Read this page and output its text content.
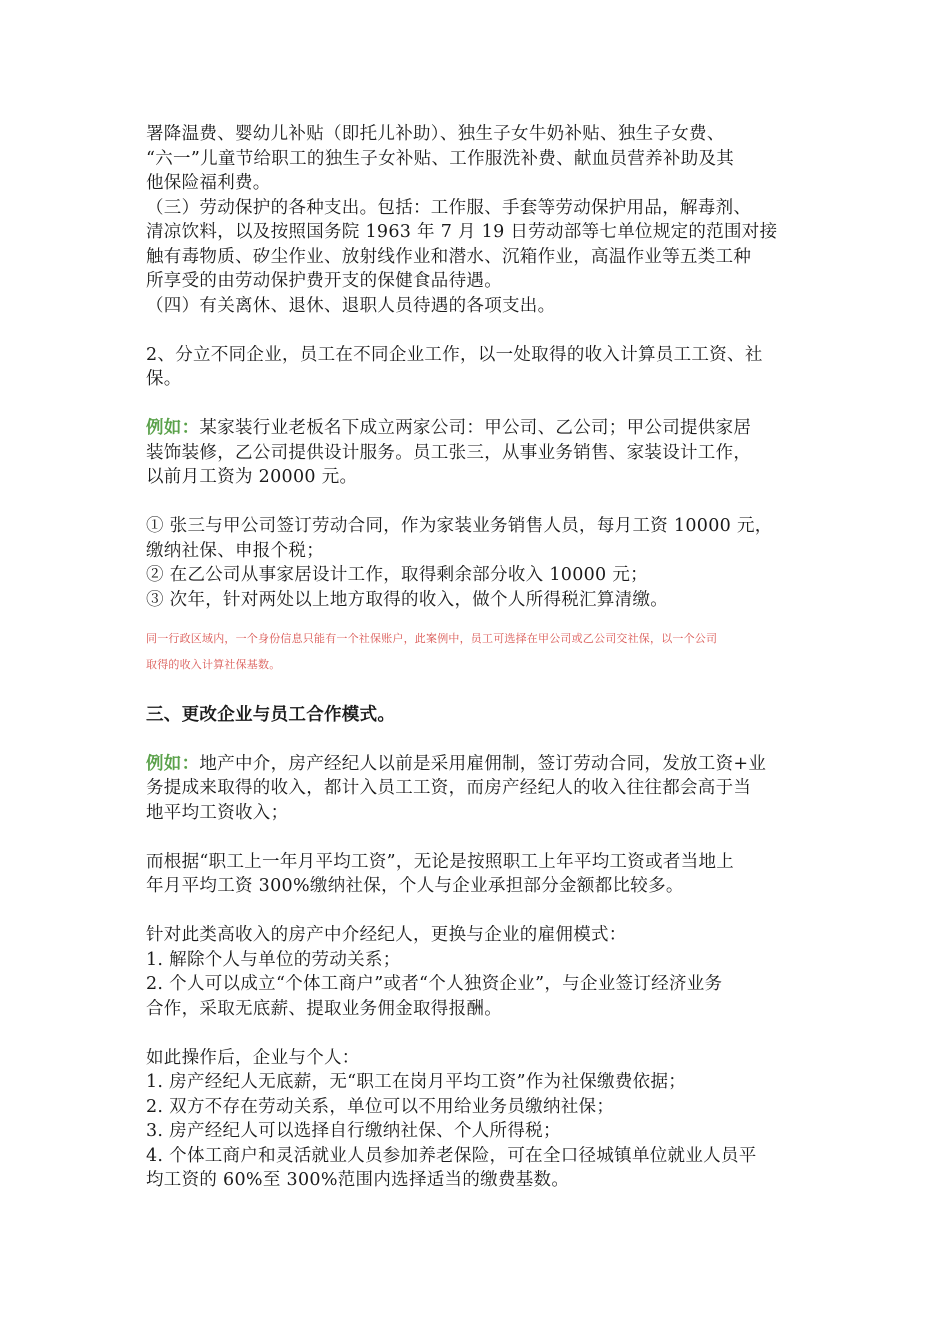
署降温费、婴幼儿补贴（即托儿补助）、独生子女牛奶补贴、独生子女费、
“六一”儿童节给职工的独生子女补贴、工作服洗补费、献血员营养补助及其
他保险福利费。
（三）劳动保护的各种支出。包括：工作服、手套等劳动保护用品，解毒剂、
清凉饮料，以及按照国务院 1963 年 7 月 19 日劳动部等七单位规定的范围对接
触有毒物质、矽尘作业、放射线作业和潜水、沉箱作业，高温作业等五类工种
所享受的由劳动保护费开支的保健食品待遇。
（四）有关离休、退休、退职人员待遇的各项支出。
2、分立不同企业，员工在不同企业工作，以一处取得的收入计算员工工资、社
保。
例如：某家装行业老板名下成立两家公司：甲公司、乙公司；甲公司提供家居
装饰装修，乙公司提供设计服务。员工张三，从事业务销售、家装设计工作，
以前月工资为 20000 元。
① 张三与甲公司签订劳动合同，作为家装业务销售人员，每月工资 10000 元，
缴纳社保、申报个税；
② 在乙公司从事家居设计工作，取得剩余部分收入 10000 元；
③ 次年，针对两处以上地方取得的收入，做个人所得税汇算清缴。
同一行政区域内，一个身份信息只能有一个社保账户，此案例中，员工可选择在甲公司或乙公司交社保，以一个公司
取得的收入计算社保基数。
三、更改企业与员工合作模式。
例如：地产中介，房产经纪人以前是采用雇佣制，签订劳动合同，发放工资+业
务提成来取得的收入，都计入员工工资，而房产经纪人的收入往往都会高于当
地平均工资收入；
而根据“职工上一年月平均工资”，无论是按照职工上年平均工资或者当地上
年月平均工资 300%缴纳社保，个人与企业承担部分金额都比较多。
针对此类高收入的房产中介经纪人，更换与企业的雇佣模式：
1. 解除个人与单位的劳动关系；
2. 个人可以成立“个体工商户”或者“个人独资企业”，与企业签订经济业务
合作，采取无底薪、提取业务佣金取得报酬。
如此操作后，企业与个人：
1. 房产经纪人无底薪，无“职工在岗月平均工资”作为社保缴费依据；
2. 双方不存在劳动关系，单位可以不用给业务员缴纳社保；
3. 房产经纪人可以选择自行缴纳社保、个人所得税；
4. 个体工商户和灵活就业人员参加养老保险，可在全口径城镇单位就业人员平
均工资的 60%至 300%范围内选择适当的缴费基数。
